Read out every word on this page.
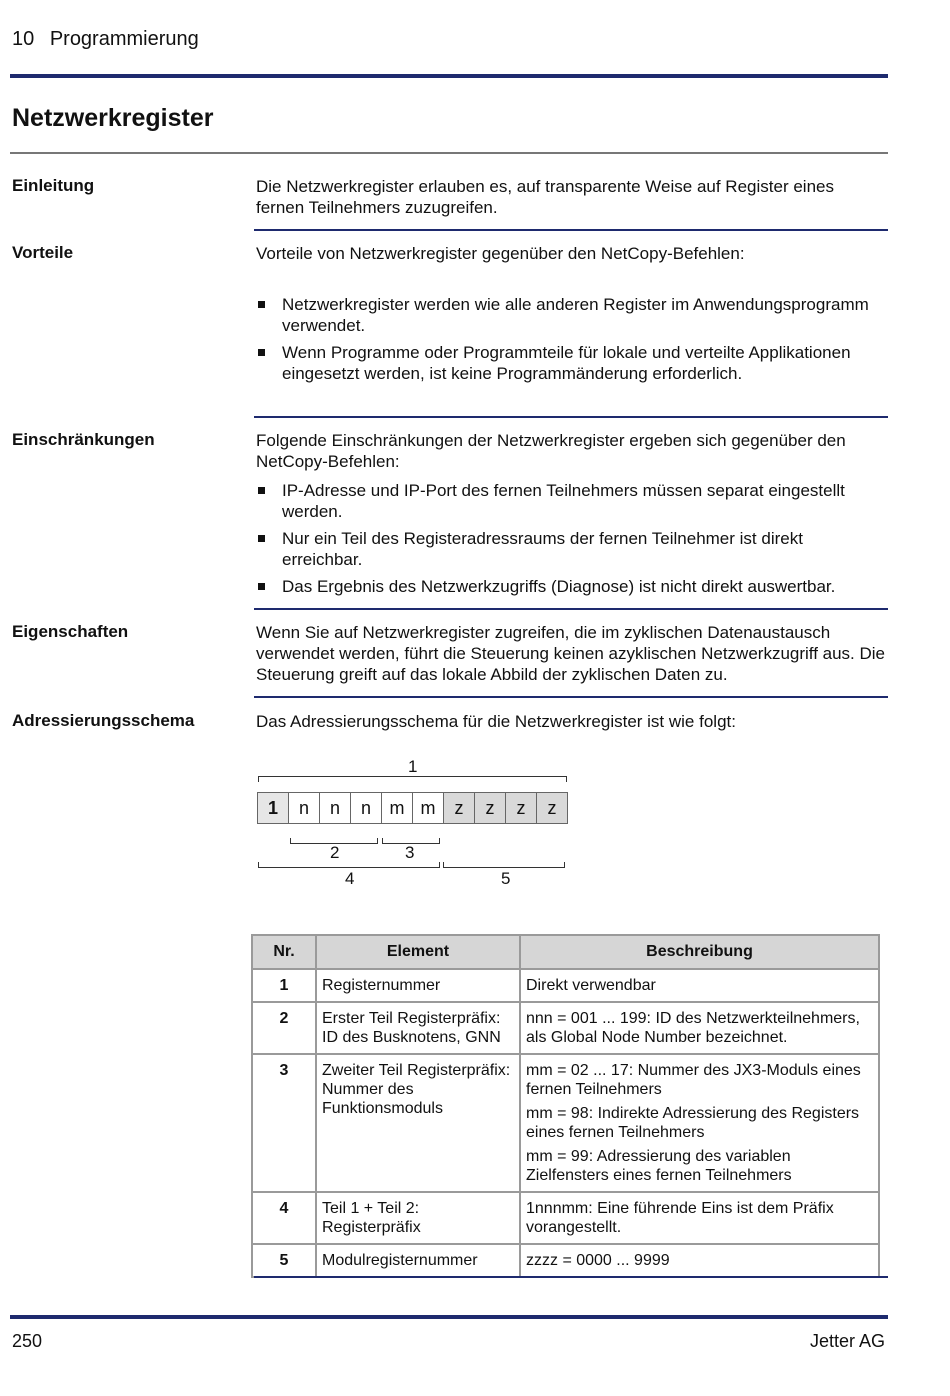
10 Programmierung
Netzwerkregister
Einleitung	Die Netzwerkregister erlauben es, auf transparente Weise auf Register eines fernen Teilnehmers zuzugreifen.
Vorteile	Vorteile von Netzwerkregister gegenüber den NetCopy-Befehlen:
Netzwerkregister werden wie alle anderen Register im Anwendungsprogramm verwendet.
Wenn Programme oder Programmteile für lokale und verteilte Applikationen eingesetzt werden, ist keine Programmänderung erforderlich.
Einschränkungen	Folgende Einschränkungen der Netzwerkregister ergeben sich gegenüber den NetCopy-Befehlen:
IP-Adresse und IP-Port des fernen Teilnehmers müssen separat eingestellt werden.
Nur ein Teil des Registeradressraums der fernen Teilnehmer ist direkt erreichbar.
Das Ergebnis des Netzwerkzugriffs (Diagnose) ist nicht direkt auswertbar.
Eigenschaften	Wenn Sie auf Netzwerkregister zugreifen, die im zyklischen Datenaustausch verwendet werden, führt die Steuerung keinen azyklischen Netzwerkzugriff aus. Die Steuerung greift auf das lokale Abbild der zyklischen Daten zu.
Adressierungsschema	Das Adressierungsschema für die Netzwerkregister ist wie folgt:
1
1	n	n	n	m m	z	z	z	z
2	3
4	5
Nr.	Element	Beschreibung
1	Registernummer	Direkt verwendbar

2	Erster Teil Registerpräfix: ID des Busknotens, GNN	nnn = 001 ... 199: ID des Netzwerkteilnehmers, als Global Node Number bezeichnet.

3	Zweiter Teil Registerpräfix: Nummer des Funktionsmoduls	mm = 02 ... 17: Nummer des JX3-Moduls eines fernen Teilnehmers

mm = 98: Indirekte Adressierung des Registers eines fernen Teilnehmers

mm = 99: Adressierung des variablen Zielfensters eines fernen Teilnehmers

4	Teil 1 + Teil 2: Registerpräfix	1nnnmm: Eine führende Eins ist dem Präfix vorangestellt.

5	Modulregisternummer	zzzz = 0000 ... 9999

250	Jetter AG
